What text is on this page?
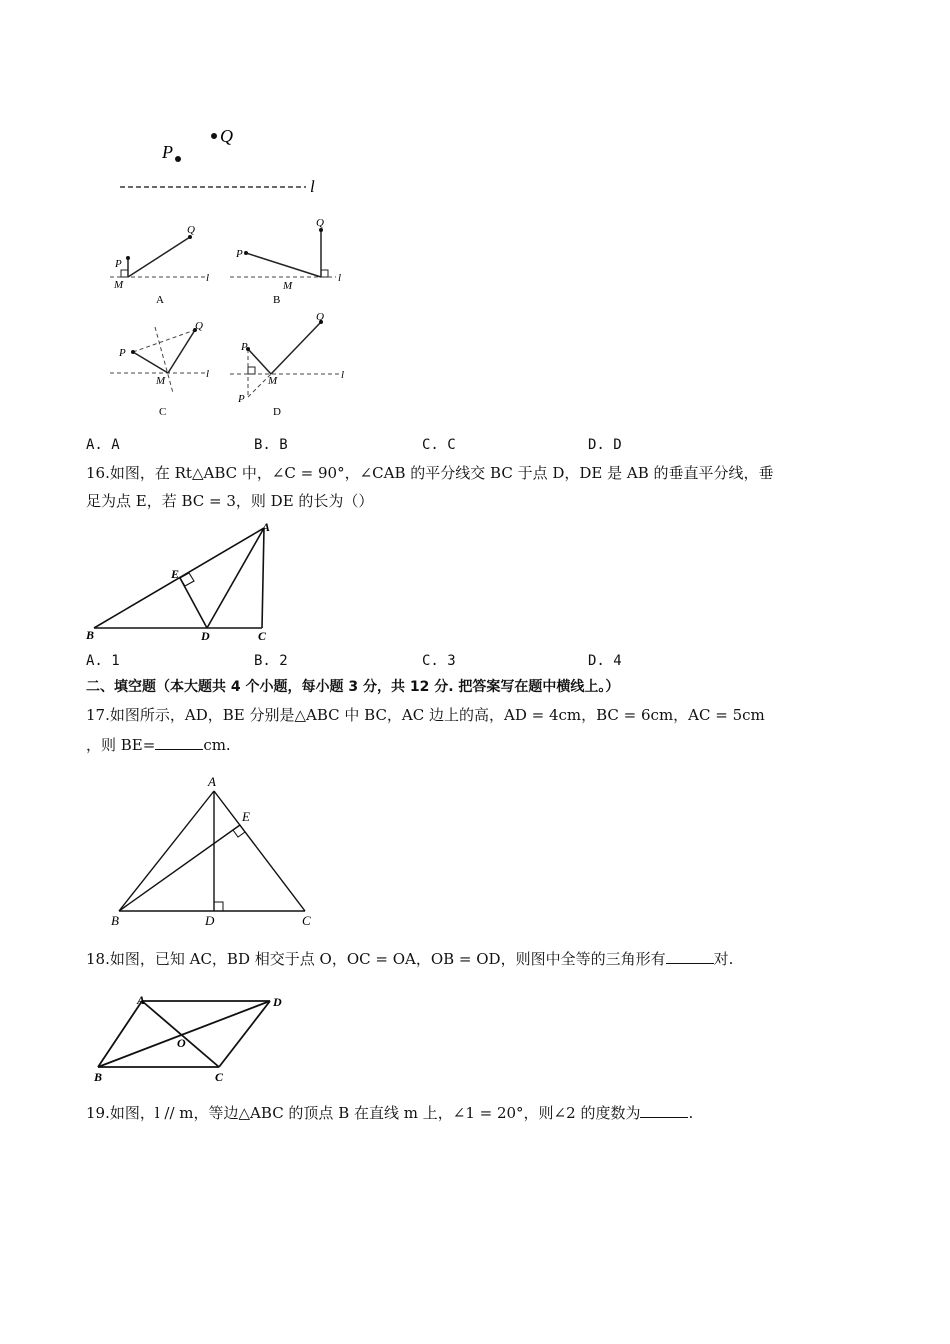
P
Q
l
P
Q
M
l
A
P
Q
M
l
B
P
Q
M
l
C
P
P
Q
M	l
D
A. A	B. B	C. C	D. D
16.如图，在 Rt△ABC 中，∠C = 90°，∠CAB 的平分线交 BC 于点 D，DE 是 AB 的垂直平分线，垂
足为点 E，若 BC = 3，则 DE 的长为（）
A
B	C
D
E
A. 1	B. 2	C. 3	D. 4
二、填空题（本大题共 4 个小题，每小题 3 分，共 12 分. 把答案写在题中横线上。）
17.如图所示，AD，BE 分别是△ABC 中 BC，AC 边上的高，AD = 4cm，BC = 6cm，AC = 5cm
，则 BE=	cm.
A
B	C
D
E
18.如图，已知 AC，BD 相交于点 O，OC = OA，OB = OD，则图中全等的三角形有	对.
A
B	C
D
O
19.如图，l // m，等边△ABC 的顶点 B 在直线 m 上，∠1 = 20°，则∠2 的度数为	.
